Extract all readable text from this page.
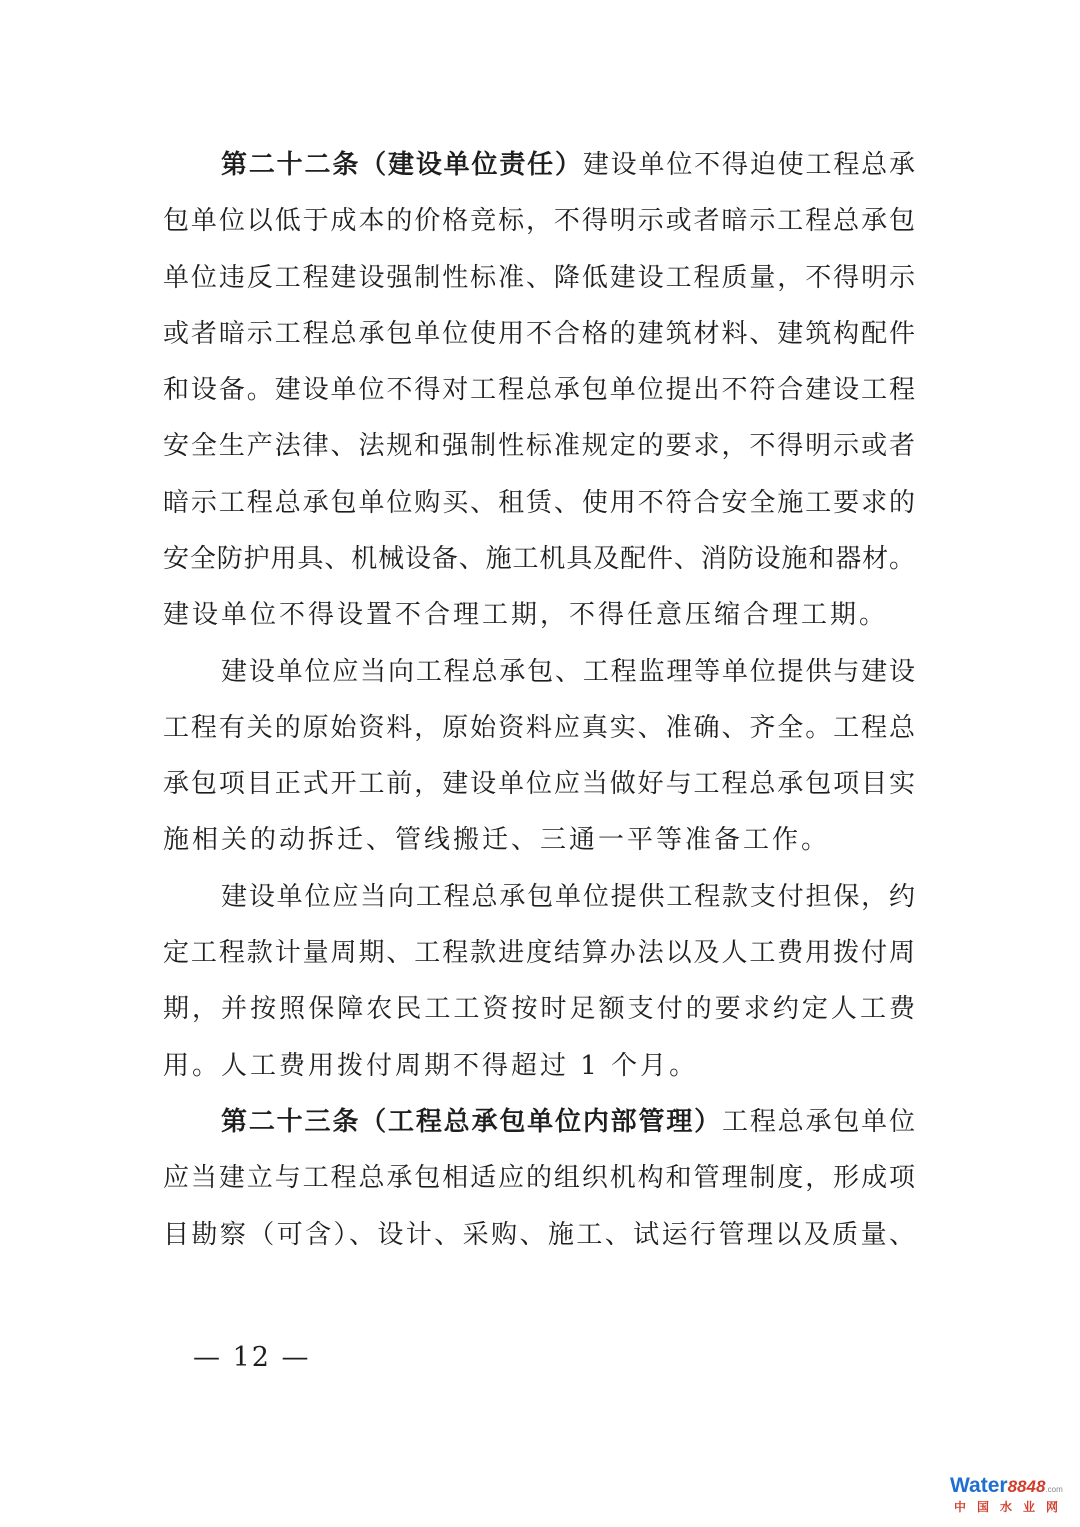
第二十二条（建设单位责任）建设单位不得迫使工程总承
包单位以低于成本的价格竞标，不得明示或者暗示工程总承包
单位违反工程建设强制性标准、降低建设工程质量，不得明示
或者暗示工程总承包单位使用不合格的建筑材料、建筑构配件
和设备。建设单位不得对工程总承包单位提出不符合建设工程
安全生产法律、法规和强制性标准规定的要求，不得明示或者
暗示工程总承包单位购买、租赁、使用不符合安全施工要求的
安全防护用具、机械设备、施工机具及配件、消防设施和器材。
建设单位不得设置不合理工期，不得任意压缩合理工期。
建设单位应当向工程总承包、工程监理等单位提供与建设
工程有关的原始资料，原始资料应真实、准确、齐全。工程总
承包项目正式开工前，建设单位应当做好与工程总承包项目实
施相关的动拆迁、管线搬迁、三通一平等准备工作。
建设单位应当向工程总承包单位提供工程款支付担保，约
定工程款计量周期、工程款进度结算办法以及人工费用拨付周
期，并按照保障农民工工资按时足额支付的要求约定人工费
用。人工费用拨付周期不得超过 1 个月。
第二十三条（工程总承包单位内部管理）工程总承包单位
应当建立与工程总承包相适应的组织机构和管理制度，形成项
目勘察（可含）、设计、采购、施工、试运行管理以及质量、
— 12 —
Water8848.com
中国水业网
